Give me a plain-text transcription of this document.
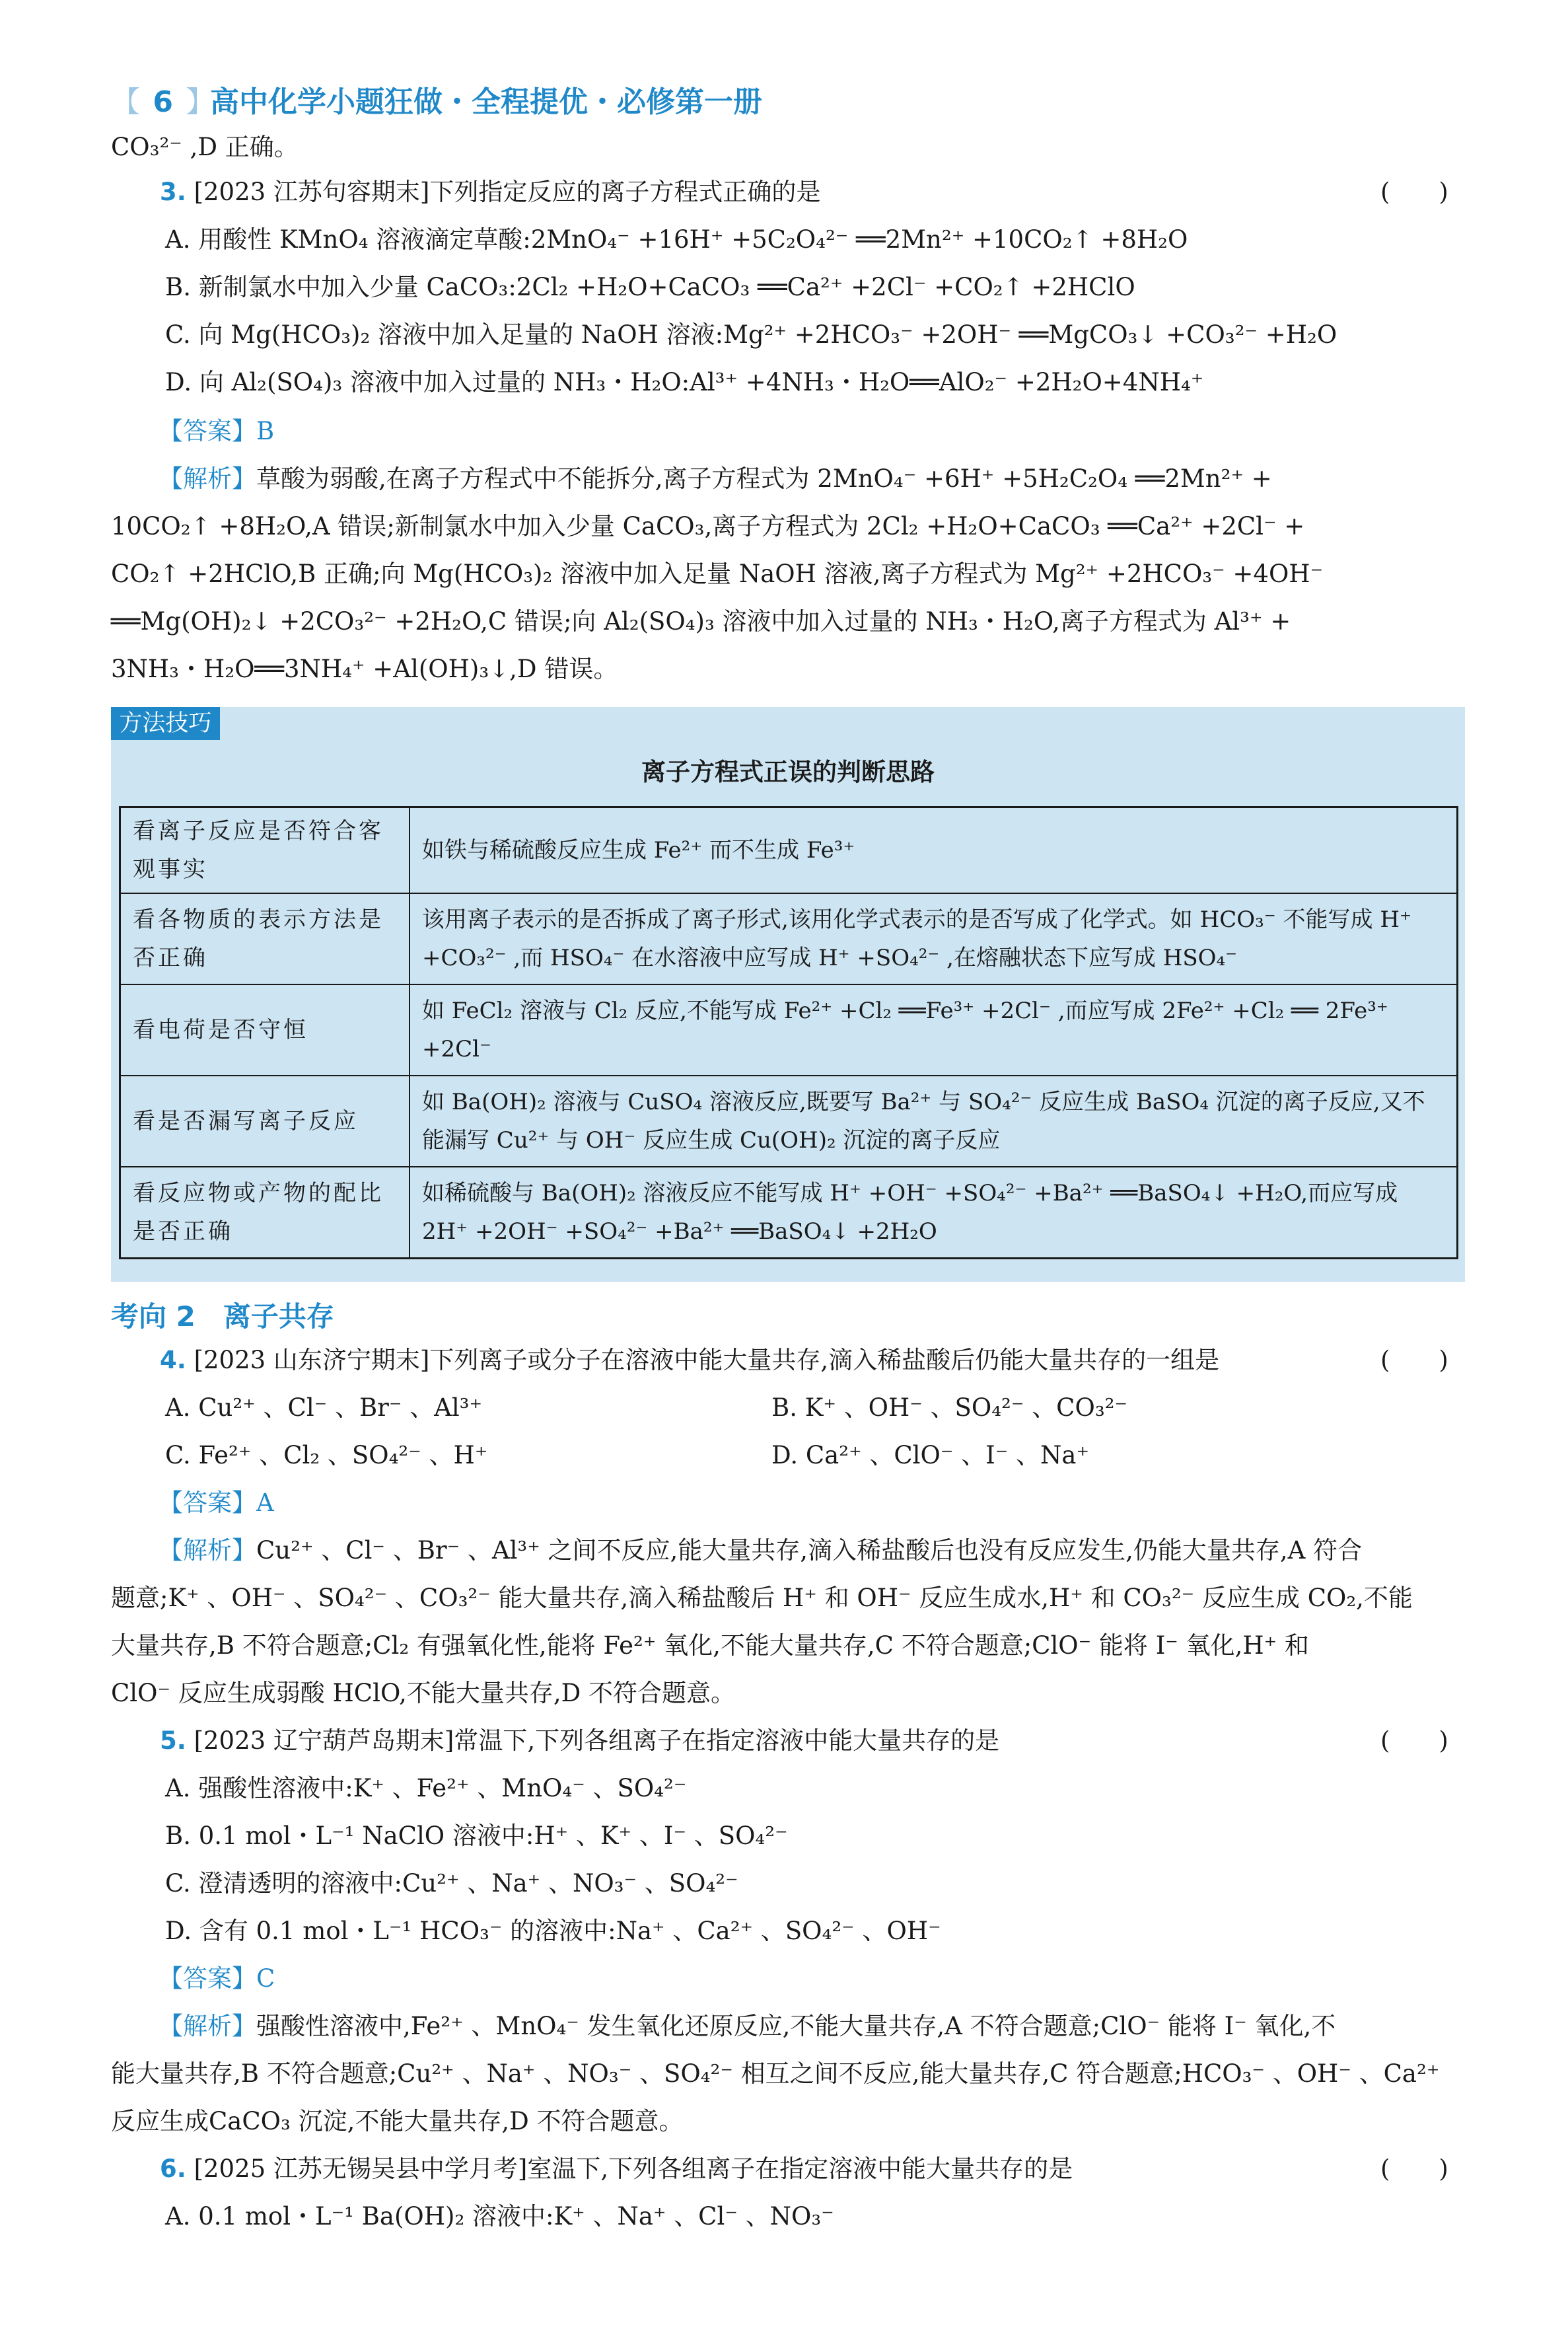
【 6 】
高中化学小题狂做・全程提优・必修第一册
CO₃²⁻ ,D 正确。
3. [2023 江苏句容期末]下列指定反应的离子方程式正确的是	(　　)
A. 用酸性 KMnO₄ 溶液滴定草酸:2MnO₄⁻ +16H⁺ +5C₂O₄²⁻ ══2Mn²⁺ +10CO₂↑ +8H₂O
B. 新制氯水中加入少量 CaCO₃:2Cl₂ +H₂O+CaCO₃ ══Ca²⁺ +2Cl⁻ +CO₂↑ +2HClO
C. 向 Mg(HCO₃)₂ 溶液中加入足量的 NaOH 溶液:Mg²⁺ +2HCO₃⁻ +2OH⁻ ══MgCO₃↓ +CO₃²⁻ +H₂O
D. 向 Al₂(SO₄)₃ 溶液中加入过量的 NH₃・H₂O:Al³⁺ +4NH₃・H₂O══AlO₂⁻ +2H₂O+4NH₄⁺
【答案】B
【解析】草酸为弱酸,在离子方程式中不能拆分,离子方程式为 2MnO₄⁻ +6H⁺ +5H₂C₂O₄ ══2Mn²⁺ +
10CO₂↑ +8H₂O,A 错误;新制氯水中加入少量 CaCO₃,离子方程式为 2Cl₂ +H₂O+CaCO₃ ══Ca²⁺ +2Cl⁻ +
CO₂↑ +2HClO,B 正确;向 Mg(HCO₃)₂ 溶液中加入足量 NaOH 溶液,离子方程式为 Mg²⁺ +2HCO₃⁻ +4OH⁻
══Mg(OH)₂↓ +2CO₃²⁻ +2H₂O,C 错误;向 Al₂(SO₄)₃ 溶液中加入过量的 NH₃・H₂O,离子方程式为 Al³⁺ +
3NH₃・H₂O══3NH₄⁺ +Al(OH)₃↓,D 错误。
方法技巧
离子方程式正误的判断思路
看离子反应是否符合客观事实	如铁与稀硫酸反应生成 Fe²⁺ 而不生成 Fe³⁺
看各物质的表示方法是否正确	该用离子表示的是否拆成了离子形式,该用化学式表示的是否写成了化学式。如 HCO₃⁻ 不能写成 H⁺ +CO₃²⁻ ,而 HSO₄⁻ 在水溶液中应写成 H⁺ +SO₄²⁻ ,在熔融状态下应写成 HSO₄⁻
看电荷是否守恒	如 FeCl₂ 溶液与 Cl₂ 反应,不能写成 Fe²⁺ +Cl₂ ══Fe³⁺ +2Cl⁻ ,而应写成 2Fe²⁺ +Cl₂ ══ 2Fe³⁺ +2Cl⁻
看是否漏写离子反应	如 Ba(OH)₂ 溶液与 CuSO₄ 溶液反应,既要写 Ba²⁺ 与 SO₄²⁻ 反应生成 BaSO₄ 沉淀的离子反应,又不能漏写 Cu²⁺ 与 OH⁻ 反应生成 Cu(OH)₂ 沉淀的离子反应
看反应物或产物的配比是否正确	如稀硫酸与 Ba(OH)₂ 溶液反应不能写成 H⁺ +OH⁻ +SO₄²⁻ +Ba²⁺ ══BaSO₄↓ +H₂O,而应写成 2H⁺ +2OH⁻ +SO₄²⁻ +Ba²⁺ ══BaSO₄↓ +2H₂O
考向 2　离子共存
4. [2023 山东济宁期末]下列离子或分子在溶液中能大量共存,滴入稀盐酸后仍能大量共存的一组是	(　　)
A. Cu²⁺ 、Cl⁻ 、Br⁻ 、Al³⁺	B. K⁺ 、OH⁻ 、SO₄²⁻ 、CO₃²⁻
C. Fe²⁺ 、Cl₂ 、SO₄²⁻ 、H⁺	D. Ca²⁺ 、ClO⁻ 、I⁻ 、Na⁺
【答案】A
【解析】Cu²⁺ 、Cl⁻ 、Br⁻ 、Al³⁺ 之间不反应,能大量共存,滴入稀盐酸后也没有反应发生,仍能大量共存,A 符合
题意;K⁺ 、OH⁻ 、SO₄²⁻ 、CO₃²⁻ 能大量共存,滴入稀盐酸后 H⁺ 和 OH⁻ 反应生成水,H⁺ 和 CO₃²⁻ 反应生成 CO₂,不能
大量共存,B 不符合题意;Cl₂ 有强氧化性,能将 Fe²⁺ 氧化,不能大量共存,C 不符合题意;ClO⁻ 能将 I⁻ 氧化,H⁺ 和
ClO⁻ 反应生成弱酸 HClO,不能大量共存,D 不符合题意。
5. [2023 辽宁葫芦岛期末]常温下,下列各组离子在指定溶液中能大量共存的是	(　　)
A. 强酸性溶液中:K⁺ 、Fe²⁺ 、MnO₄⁻ 、SO₄²⁻
B. 0.1 mol・L⁻¹ NaClO 溶液中:H⁺ 、K⁺ 、I⁻ 、SO₄²⁻
C. 澄清透明的溶液中:Cu²⁺ 、Na⁺ 、NO₃⁻ 、SO₄²⁻
D. 含有 0.1 mol・L⁻¹ HCO₃⁻ 的溶液中:Na⁺ 、Ca²⁺ 、SO₄²⁻ 、OH⁻
【答案】C
【解析】强酸性溶液中,Fe²⁺ 、MnO₄⁻ 发生氧化还原反应,不能大量共存,A 不符合题意;ClO⁻ 能将 I⁻ 氧化,不
能大量共存,B 不符合题意;Cu²⁺ 、Na⁺ 、NO₃⁻ 、SO₄²⁻ 相互之间不反应,能大量共存,C 符合题意;HCO₃⁻ 、OH⁻ 、Ca²⁺
反应生成CaCO₃ 沉淀,不能大量共存,D 不符合题意。
6. [2025 江苏无锡吴县中学月考]室温下,下列各组离子在指定溶液中能大量共存的是	(　　)
A. 0.1 mol・L⁻¹ Ba(OH)₂ 溶液中:K⁺ 、Na⁺ 、Cl⁻ 、NO₃⁻
